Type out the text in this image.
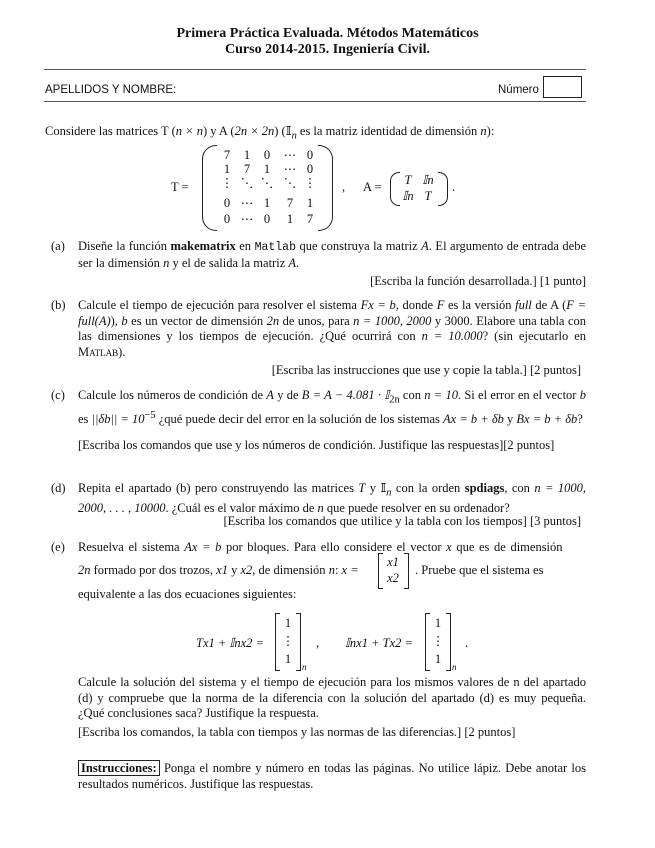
Primera Práctica Evaluada. Métodos Matemáticos
Curso 2014-2015. Ingeniería Civil.
APELLIDOS Y NOMBRE:	Número
Considere las matrices T (n × n) y A (2n × 2n) (𝕀$_n$ es la matriz identidad de dimensión n):
T =
7	1	0	⋯ 0
1	7	1	⋯ 0
⋮ ⋱ ⋱ ⋱ ⋮
0 ⋯ 1	7	1
0 ⋯ 0	1	7
, A =	T 𝕀n
𝕀n T
.
(a) Diseñe la función makematrix en Matlab que construya la matriz A. El argumento de entrada debe ser la dimensión n y el de salida la matriz A.
[Escriba la función desarrollada.] [1 punto]
(b) Calcule el tiempo de ejecución para resolver el sistema Fx = b, donde F es la versión full de A (F = full(A)), b es un vector de dimensión 2n de unos, para n = 1000, 2000 y 3000. Elabore una tabla con las dimensiones y los tiempos de ejecución. ¿Qué ocurrirá con n = 10.000? (sin ejecutarlo en Matlab).
[Escriba las instrucciones que use y copie la tabla.] [2 puntos]
(c) Calcule los números de condición de A y de B = A − 4.081 · 𝕀$_{2n}$ con n = 10. Si el error en el vector b es $||\delta b|| = 10^{-5}$ ¿qué puede decir del error en la solución de los sistemas Ax = b + δb y Bx = b + δb?
[Escriba los comandos que use y los números de condición. Justifique las respuestas][2 puntos]
(d) Repita el apartado (b) pero construyendo las matrices T y 𝕀$_n$ con la orden spdiags, con n = 1000, 2000, . . . , 10000. ¿Cuál es el valor máximo de n que puede resolver en su ordenador?
[Escriba los comandos que utilice y la tabla con los tiempos] [3 puntos]
(e) Resuelva el sistema Ax = b por bloques. Para ello considere el vector x que es de dimensión
2n formado por dos trozos, x1 y x2, de dimensión n: x =
x1
x2
. Pruebe que el sistema es
equivalente a las dos ecuaciones siguientes:
Tx1 + 𝕀nx2 =
1
⋮
1
n
, 𝕀nx1 + Tx2 =
1
⋮
1
n
.
Calcule la solución del sistema y el tiempo de ejecución para los mismos valores de n del apartado (d) y compruebe que la norma de la diferencia con la solución del apartado (d) es muy pequeña. ¿Qué conclusiones saca? Justifique la respuesta.
[Escriba los comandos, la tabla con tiempos y las normas de las diferencias.] [2 puntos]
Instrucciones: Ponga el nombre y número en todas las páginas. No utilice lápiz. Debe anotar los resultados numéricos. Justifique las respuestas.
